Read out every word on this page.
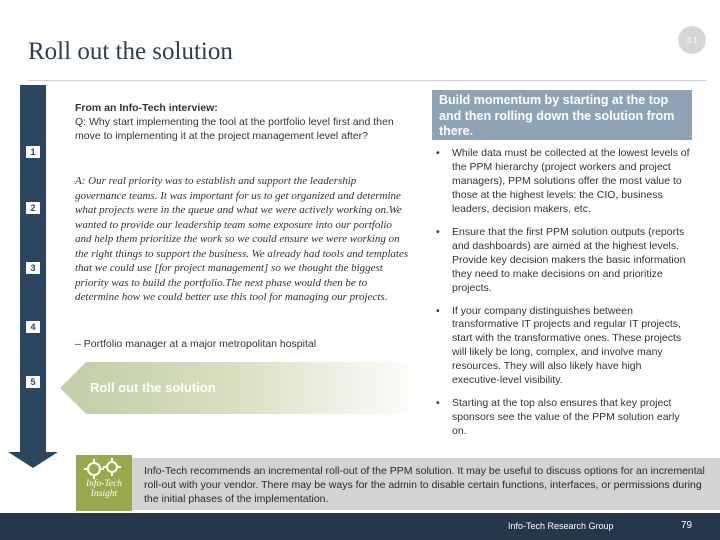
3.1
Roll out the solution
1
2
3
4
5
From an Info-Tech interview:
Q: Why start implementing the tool at the portfolio level first and then move to implementing it at the project management level after?
A: Our real priority was to establish and support the leadership governance teams. It was important for us to get organized and determine what projects were in the queue and what we were actively working on.We wanted to provide our leadership team some exposure into our portfolio and help them prioritize the work so we could ensure we were working on the right things to support the business. We already had tools and templates that we could use [for project management] so we thought the biggest priority was to build the portfolio.The next phase would then be to determine how we could better use this tool for managing our projects.
– Portfolio manager at a major metropolitan hospital
Roll out the solution
Build momentum by starting at the top and then rolling down the solution from there.
• While data must be collected at the lowest levels of the PPM hierarchy (project workers and project managers), PPM solutions offer the most value to those at the highest levels: the CIO, business leaders, decision makers, etc.
• Ensure that the first PPM solution outputs (reports and dashboards) are aimed at the highest levels. Provide key decision makers the basic information they need to make decisions on and prioritize projects.
• If your company distinguishes between transformative IT projects and regular IT projects, start with the transformative ones. These projects will likely be long, complex, and involve many resources. They will also likely have high executive-level visibility.
• Starting at the top also ensures that key project sponsors see the value of the PPM solution early on.
Info-Tech
Insight
Info-Tech recommends an incremental roll-out of the PPM solution. It may be useful to discuss options for an incremental roll-out with your vendor. There may be ways for the admin to disable certain functions, interfaces, or permissions during the initial phases of the implementation.
Info-Tech Research Group	79
